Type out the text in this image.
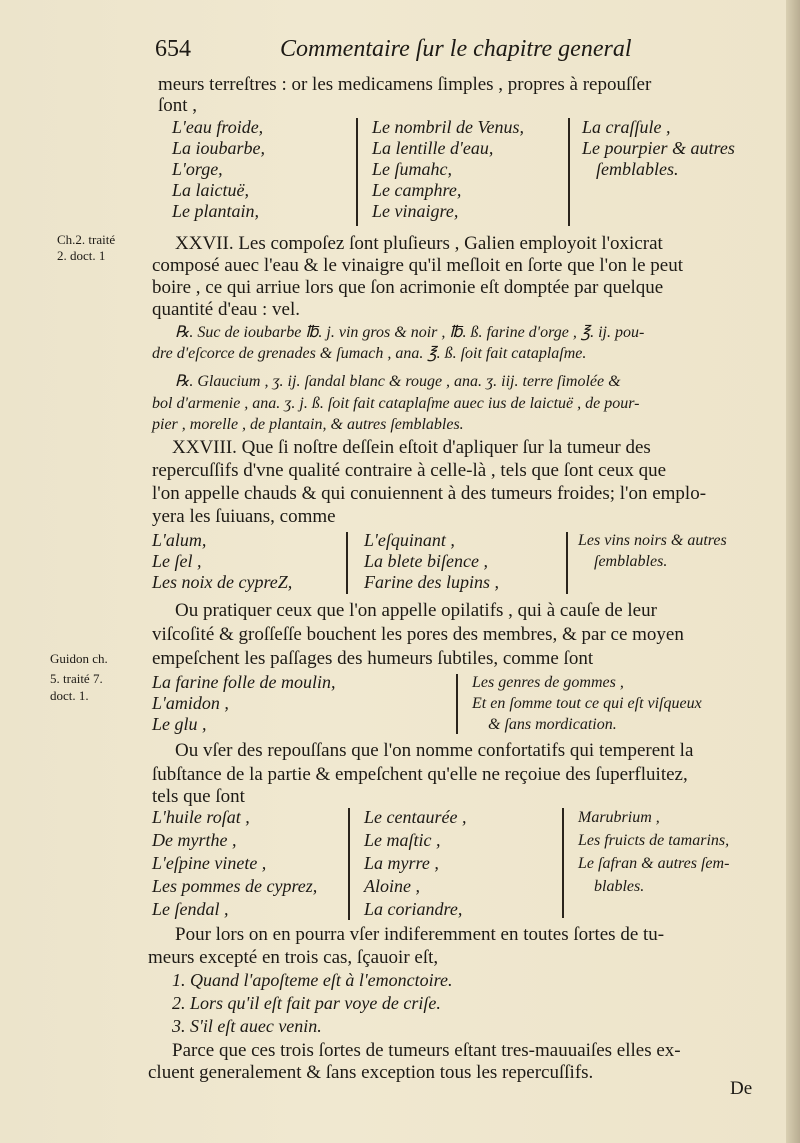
654	Commentaire ſur le chapitre general
meurs terreſtres : or les medicamens ſimples , propres à repouſſer
ſont ,
L'eau froide,
La ioubarbe,
L'orge,
La laictuë,
Le plantain,
Le nombril de Venus,
La lentille d'eau,
Le ſumahc,
Le camphre,
Le vinaigre,
La craſſule ,
Le pourpier & autres
ſemblables.
Ch.2. traité
2. doct. 1
XXVII. Les compoſez ſont pluſieurs , Galien employoit l'oxicrat
composé auec l'eau & le vinaigre qu'il meſloit en ſorte que l'on le peut
boire , ce qui arriue lors que ſon acrimonie eſt domptée par quelque
quantité d'eau : vel.
℞. Suc de ioubarbe ℔. j. vin gros & noir , ℔. ß. farine d'orge , ℥. ij. pou-
dre d'eſcorce de grenades & ſumach , ana. ℥. ß. ſoit fait cataplaſme.
℞. Glaucium , ʒ. ij. ſandal blanc & rouge , ana. ʒ. iij. terre ſimolée &
bol d'armenie , ana. ʒ. j. ß. ſoit fait cataplaſme auec ius de laictuë , de pour-
pier , morelle , de plantain, & autres ſemblables.
XXVIII. Que ſi noſtre deſſein eſtoit d'apliquer ſur la tumeur des
repercuſſifs d'vne qualité contraire à celle-là , tels que ſont ceux que
l'on appelle chauds & qui conuiennent à des tumeurs froides; l'on emplo-
yera les ſuiuans, comme
L'alum,
Le ſel ,
Les noix de cypreZ,
L'eſquinant ,
La blete biſence ,
Farine des lupins ,
Les vins noirs & autres
ſemblables.
Ou pratiquer ceux que l'on appelle opilatifs , qui à cauſe de leur
viſcoſité & groſſeſſe bouchent les pores des membres, & par ce moyen
empeſchent les paſſages des humeurs ſubtiles, comme ſont
Guidon ch.
5. traité 7.
doct. 1.
La farine folle de moulin,
L'amidon ,
Le glu ,
Les genres de gommes ,
Et en ſomme tout ce qui eſt viſqueux
& ſans mordication.
Ou vſer des repouſſans que l'on nomme confortatifs qui temperent la
ſubſtance de la partie & empeſchent qu'elle ne reçoiue des ſuperfluitez,
tels que ſont
L'huile roſat ,
De myrthe ,
L'eſpine vinete ,
Les pommes de cyprez,
Le ſendal ,
Le centaurée ,
Le maſtic ,
La myrre ,
Aloine ,
La coriandre,
Marubrium ,
Les fruicts de tamarins,
Le ſafran & autres ſem-
blables.
Pour lors on en pourra vſer indiferemment en toutes ſortes de tu-
meurs excepté en trois cas, ſçauoir eſt,
1. Quand l'apoſteme eſt à l'emonctoire.
2. Lors qu'il eſt fait par voye de criſe.
3. S'il eſt auec venin.
Parce que ces trois ſortes de tumeurs eſtant tres-mauuaiſes elles ex-
cluent generalement & ſans exception tous les repercuſſifs.
De
